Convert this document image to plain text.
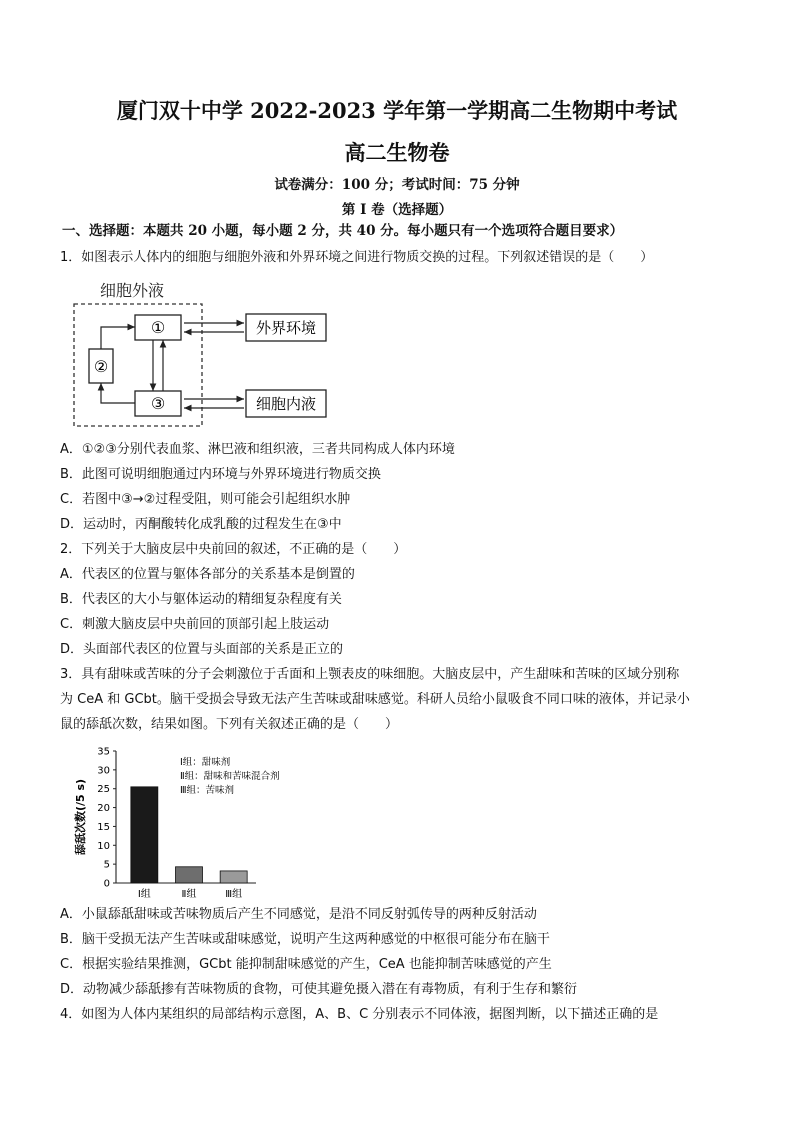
厦门双十中学 2022-2023 学年第一学期高二生物期中考试
高二生物卷
试卷满分：100 分；考试时间：75 分钟
第 I 卷（选择题）
一、选择题：本题共 20 小题，每小题 2 分，共 40 分。每小题只有一个选项符合题目要求）
1．如图表示人体内的细胞与细胞外液和外界环境之间进行物质交换的过程。下列叙述错误的是（　　）
细胞外液
①
②
③
外界环境
细胞内液
A．①②③分别代表血浆、淋巴液和组织液，三者共同构成人体内环境
B．此图可说明细胞通过内环境与外界环境进行物质交换
C．若图中③→②过程受阻，则可能会引起组织水肿
D．运动时，丙酮酸转化成乳酸的过程发生在③中
2．下列关于大脑皮层中央前回的叙述，不正确的是（　　）
A．代表区的位置与躯体各部分的关系基本是倒置的
B．代表区的大小与躯体运动的精细复杂程度有关
C．刺激大脑皮层中央前回的顶部引起上肢运动
D．头面部代表区的位置与头面部的关系是正立的
3．具有甜味或苦味的分子会刺激位于舌面和上颚表皮的味细胞。大脑皮层中，产生甜味和苦味的区域分别称
为 CeA 和 GCbt。脑干受损会导致无法产生苦味或甜味感觉。科研人员给小鼠吸食不同口味的液体，并记录小
鼠的舔舐次数，结果如图。下列有关叙述正确的是（　　）
舔舐次数(/5 s)
0
5
10
15
20
25
30
35
Ⅰ组	Ⅱ组	Ⅲ组
Ⅰ组：甜味剂
Ⅱ组：甜味和苦味混合剂
Ⅲ组：苦味剂
A．小鼠舔舐甜味或苦味物质后产生不同感觉，是沿不同反射弧传导的两种反射活动
B．脑干受损无法产生苦味或甜味感觉，说明产生这两种感觉的中枢很可能分布在脑干
C．根据实验结果推测，GCbt 能抑制甜味感觉的产生，CeA 也能抑制苦味感觉的产生
D．动物减少舔舐掺有苦味物质的食物，可使其避免摄入潜在有毒物质，有利于生存和繁衍
4．如图为人体内某组织的局部结构示意图，A、B、C 分别表示不同体液，据图判断，以下描述正确的是
